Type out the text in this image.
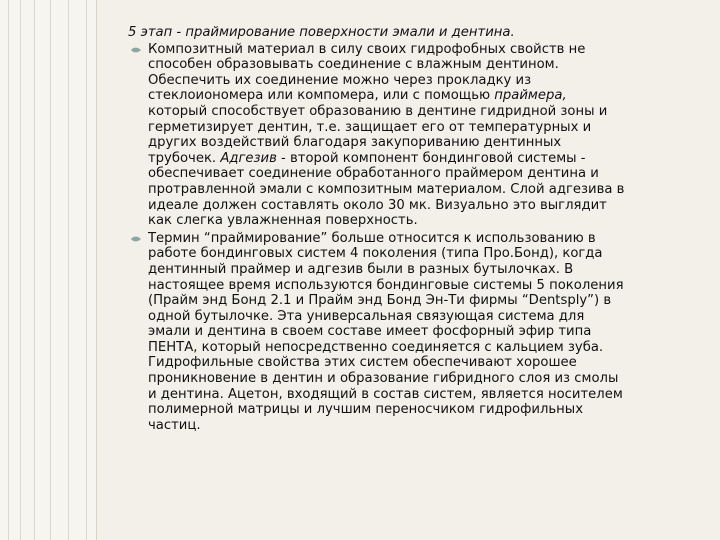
5 этап - праймирование поверхности эмали и дентина.
Композитный материал в силу своих гидрофобных свойств не
способен образовывать соединение с влажным дентином.
Обеспечить их соединение можно через прокладку из
стеклоиономера или компомера, или с помощью праймера,
который способствует образованию в дентине гидридной зоны и
герметизирует дентин, т.е. защищает его от температурных и
других воздействий благодаря закупориванию дентинных
трубочек. Адгезив - второй компонент бондинговой системы -
обеспечивает соединение обработанного праймером дентина и
протравленной эмали с композитным материалом. Слой адгезива в
идеале должен составлять около 30 мк. Визуально это выглядит
как слегка увлажненная поверхность.
Термин “праймирование” больше относится к использованию в
работе бондинговых систем 4 поколения (типа Про.Бонд), когда
дентинный праймер и адгезив были в разных бутылочках. В
настоящее время используются бондинговые системы 5 поколения
(Прайм энд Бонд 2.1 и Прайм энд Бонд Эн-Ти фирмы “Dentsply”) в
одной бутылочке. Эта универсальная связующая система для
эмали и дентина в своем составе имеет фосфорный эфир типа
ПЕНТА, который непосредственно соединяется с кальцием зуба.
Гидрофильные свойства этих систем обеспечивают хорошее
проникновение в дентин и образование гибридного слоя из смолы
и дентина. Ацетон, входящий в состав систем, является носителем
полимерной матрицы и лучшим переносчиком гидрофильных
частиц.
